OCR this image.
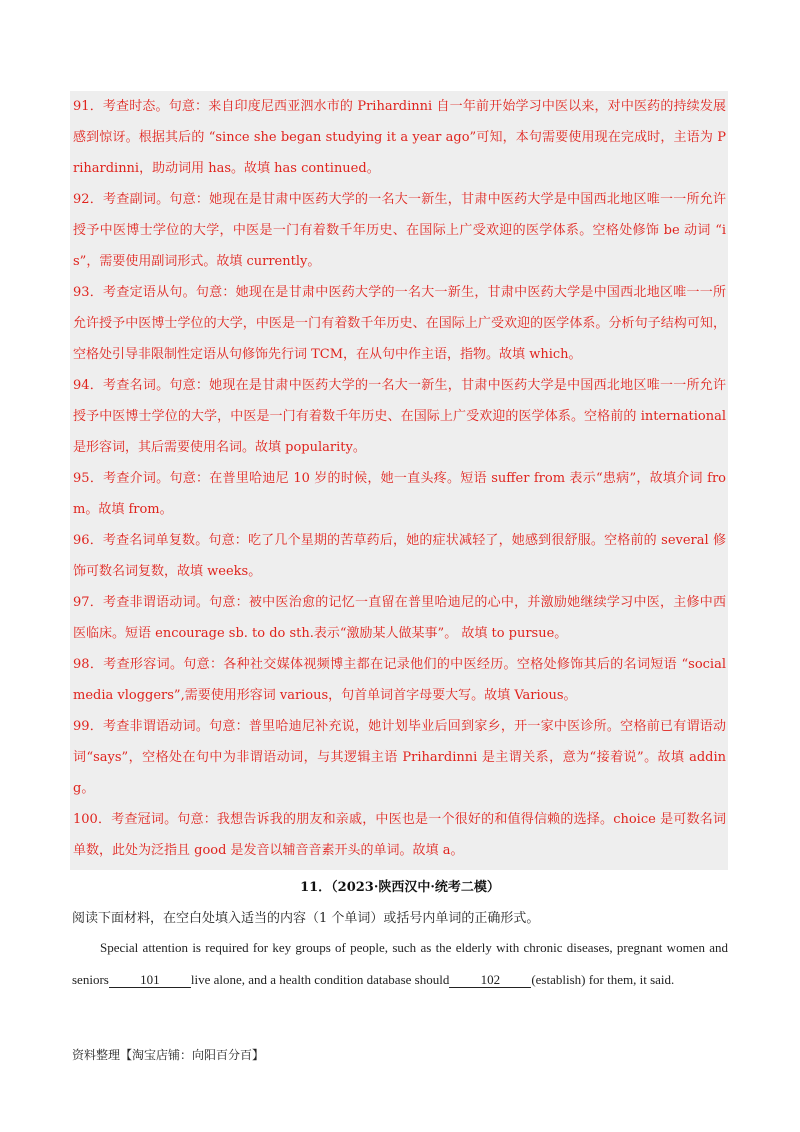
91．考查时态。句意：来自印度尼西亚泗水市的 Prihardinni 自一年前开始学习中医以来，对中医药的持续发展感到惊讶。根据其后的 “since she began studying it a year ago”可知，本句需要使用现在完成时，主语为 Prihardinni，助动词用 has。故填 has continued。

92．考查副词。句意：她现在是甘肃中医药大学的一名大一新生，甘肃中医药大学是中国西北地区唯一一所允许授予中医博士学位的大学，中医是一门有着数千年历史、在国际上广受欢迎的医学体系。空格处修饰 be 动词 “is”，需要使用副词形式。故填 currently。

93．考查定语从句。句意：她现在是甘肃中医药大学的一名大一新生，甘肃中医药大学是中国西北地区唯一一所允许授予中医博士学位的大学，中医是一门有着数千年历史、在国际上广受欢迎的医学体系。分析句子结构可知，空格处引导非限制性定语从句修饰先行词 TCM，在从句中作主语，指物。故填 which。

94．考查名词。句意：她现在是甘肃中医药大学的一名大一新生，甘肃中医药大学是中国西北地区唯一一所允许授予中医博士学位的大学，中医是一门有着数千年历史、在国际上广受欢迎的医学体系。空格前的 international 是形容词，其后需要使用名词。故填 popularity。

95．考查介词。句意：在普里哈迪尼 10 岁的时候，她一直头疼。短语 suffer from 表示“患病”，故填介词 from。故填 from。

96．考查名词单复数。句意：吃了几个星期的苦草药后，她的症状减轻了，她感到很舒服。空格前的 several 修饰可数名词复数，故填 weeks。

97．考查非谓语动词。句意：被中医治愈的记忆一直留在普里哈迪尼的心中，并激励她继续学习中医，主修中西医临床。短语 encourage sb. to do sth.表示“激励某人做某事”。 故填 to pursue。

98．考查形容词。句意：各种社交媒体视频博主都在记录他们的中医经历。空格处修饰其后的名词短语 “social media vloggers”,需要使用形容词 various，句首单词首字母要大写。故填 Various。

99．考查非谓语动词。句意：普里哈迪尼补充说，她计划毕业后回到家乡，开一家中医诊所。空格前已有谓语动词“says”，空格处在句中为非谓语动词，与其逻辑主语 Prihardinni 是主谓关系，意为“接着说”。故填 adding。

100．考查冠词。句意：我想告诉我的朋友和亲戚，中医也是一个很好的和值得信赖的选择。choice 是可数名词单数，此处为泛指且 good 是发音以辅音音素开头的单词。故填 a。

11．（2023·陕西汉中·统考二模）
阅读下面材料，在空白处填入适当的内容（1 个单词）或括号内单词的正确形式。

Special attention is required for key groups of people, such as the elderly with chronic diseases, pregnant women and seniors 101 live alone, and a health condition database should 102 (establish) for them, it said.

资料整理【淘宝店铺：向阳百分百】
